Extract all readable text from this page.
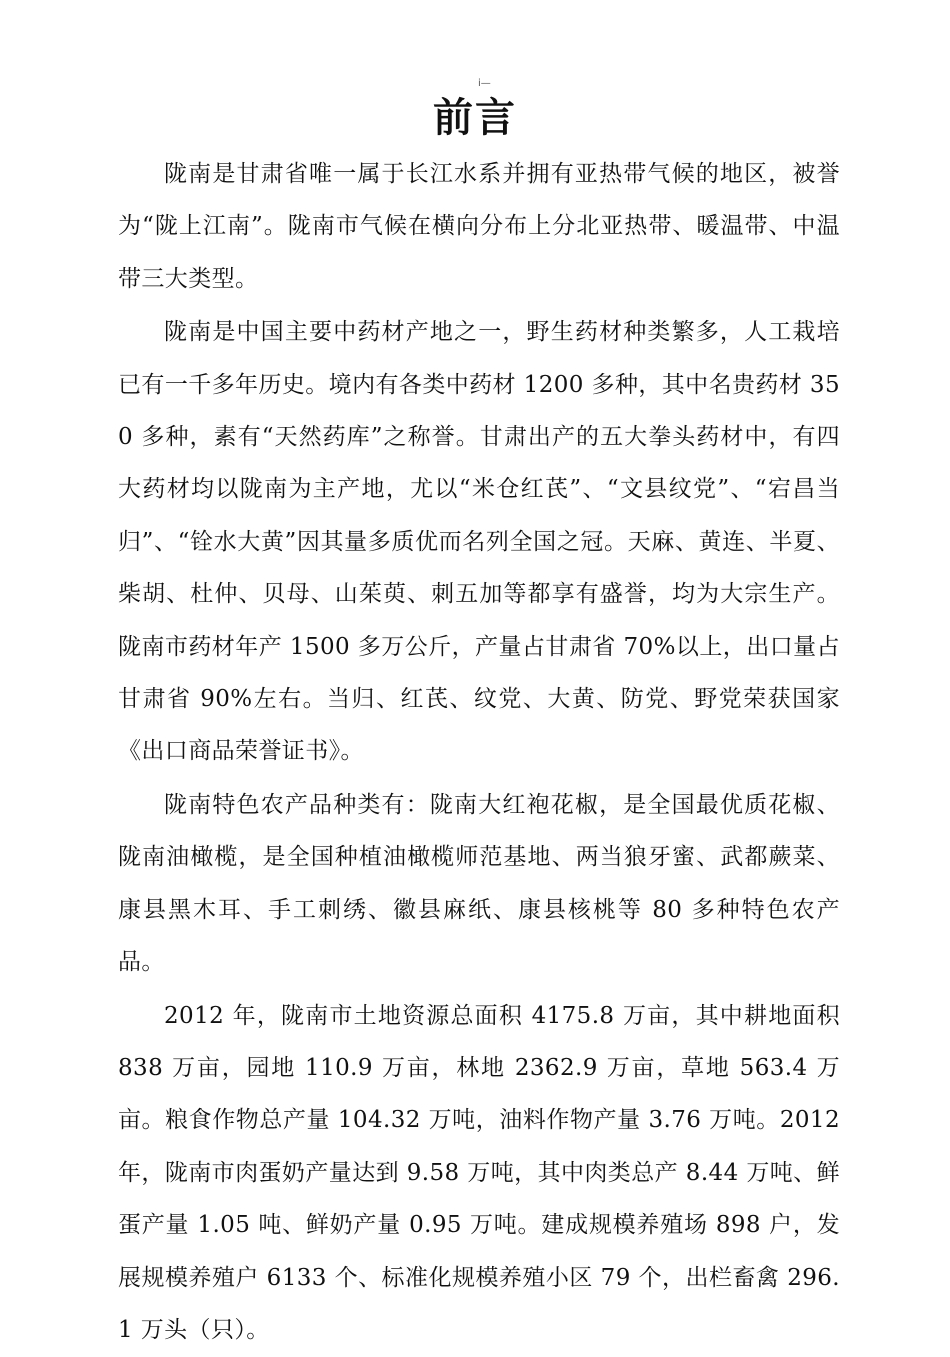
i—
前言

陇南是甘肃省唯一属于长江水系并拥有亚热带气候的地区，被誉为“陇上江南”。陇南市气候在横向分布上分北亚热带、暖温带、中温带三大类型。

陇南是中国主要中药材产地之一，野生药材种类繁多，人工栽培已有一千多年历史。境内有各类中药材 1200 多种，其中名贵药材 350 多种，素有“天然药库”之称誉。甘肃出产的五大拳头药材中，有四大药材均以陇南为主产地，尤以“米仓红芪”、“文县纹党”、“宕昌当归”、“铨水大黄”因其量多质优而名列全国之冠。天麻、黄连、半夏、柴胡、杜仲、贝母、山茱萸、刺五加等都享有盛誉，均为大宗生产。陇南市药材年产 1500 多万公斤，产量占甘肃省 70%以上，出口量占甘肃省 90%左右。当归、红芪、纹党、大黄、防党、野党荣获国家《出口商品荣誉证书》。

陇南特色农产品种类有：陇南大红袍花椒，是全国最优质花椒、陇南油橄榄，是全国种植油橄榄师范基地、两当狼牙蜜、武都蕨菜、康县黑木耳、手工刺绣、徽县麻纸、康县核桃等 80 多种特色农产品。

2012 年，陇南市土地资源总面积 4175.8 万亩，其中耕地面积 838 万亩，园地 110.9 万亩，林地 2362.9 万亩，草地 563.4 万亩。粮食作物总产量 104.32 万吨，油料作物产量 3.76 万吨。2012 年，陇南市肉蛋奶产量达到 9.58 万吨，其中肉类总产 8.44 万吨、鲜蛋产量 1.05 吨、鲜奶产量 0.95 万吨。建成规模养殖场 898 户，发展规模养殖户 6133 个、标准化规模养殖小区 79 个，出栏畜禽 296.1 万头（只）。
